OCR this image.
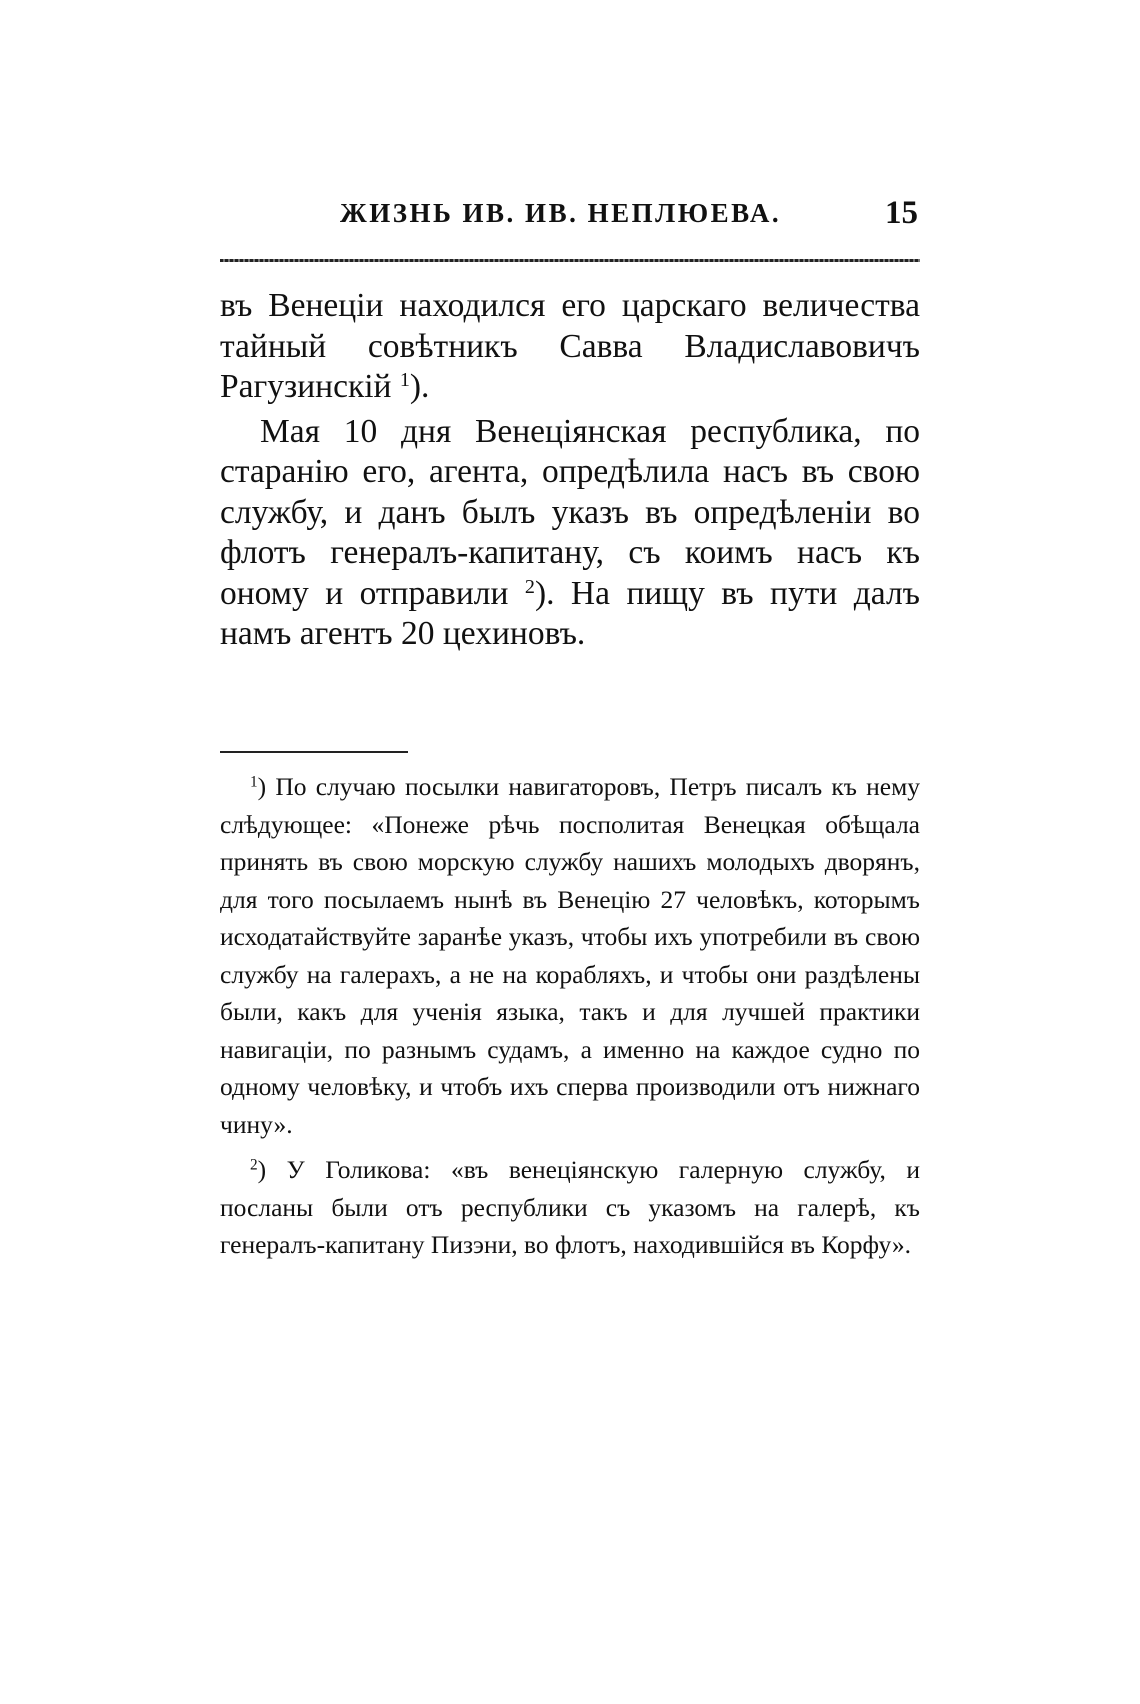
ЖИЗНЬ ИВ. ИВ. НЕПЛЮЕВА.	15

въ Венеціи находился его царскаго величества тайный совѣтникъ Савва Владиславовичъ Рагузинскій $^1$).

Мая 10 дня Венеціянская республика, по старанію его, агента, опредѣлила насъ въ свою службу, и данъ былъ указъ въ опредѣленіи во флотъ генералъ-капитану, съ коимъ насъ къ оному и отправили $^2$). На пищу въ пути далъ намъ агентъ 20 цехиновъ.

$^1$) По случаю посылки навигаторовъ, Петръ писалъ къ нему слѣдующее: «Понеже рѣчь посполитая Венецкая обѣщала принять въ свою морскую службу нашихъ молодыхъ дворянъ, для того посылаемъ нынѣ въ Венецію 27 человѣкъ, которымъ исходатайствуйте заранѣе указъ, чтобы ихъ употребили въ свою службу на галерахъ, а не на корабляхъ, и чтобы они раздѣлены были, какъ для ученія языка, такъ и для лучшей практики навигаціи, по разнымъ судамъ, а именно на каждое судно по одному человѣку, и чтобъ ихъ сперва производили отъ нижнаго чину».

$^2$) У Голикова: «въ венеціянскую галерную службу, и посланы были отъ республики съ указомъ на галерѣ, къ генералъ-капитану Пизэни, во флотъ, находившійся въ Корфу».
